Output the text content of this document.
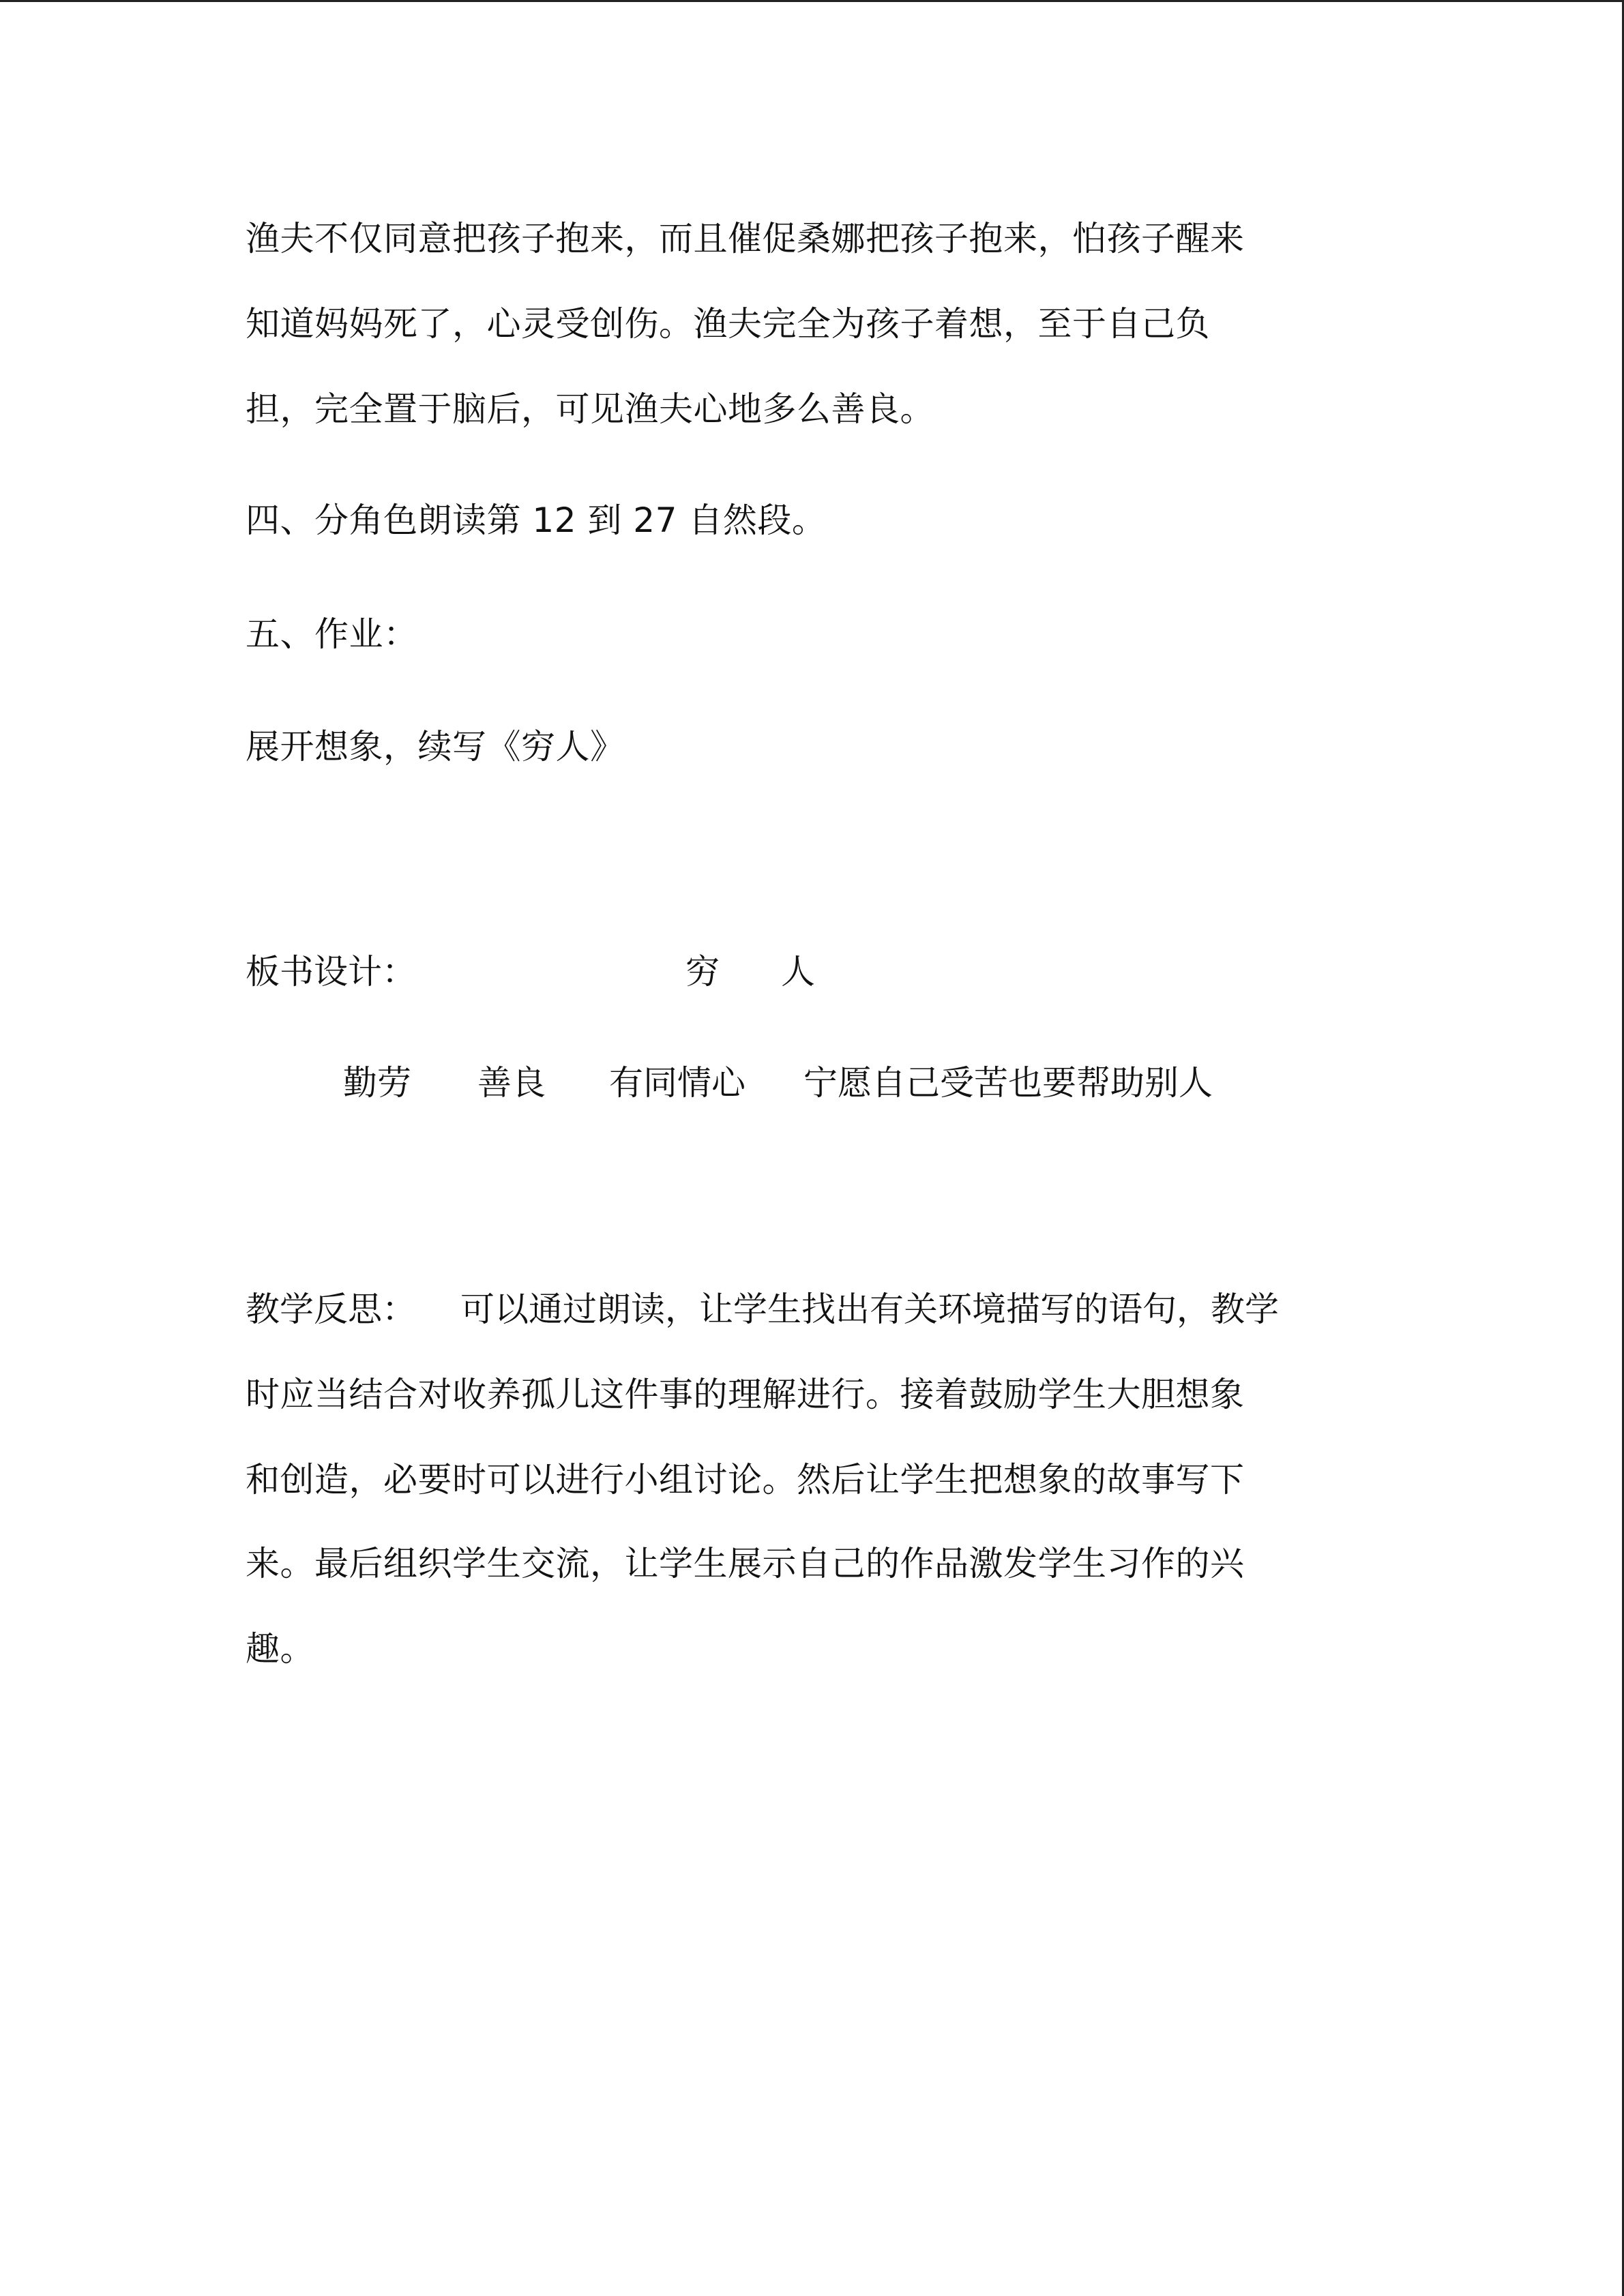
渔夫不仅同意把孩子抱来，而且催促桑娜把孩子抱来，怕孩子醒来

知道妈妈死了，心灵受创伤。渔夫完全为孩子着想，至于自己负

担，完全置于脑后，可见渔夫心地多么善良。

四、分角色朗读第 12 到 27 自然段。

五、作业：

展开想象，续写《穷人》

板书设计：	穷 人
勤劳 善良 有同情心 宁愿自己受苦也要帮助别人
教学反思： 可以通过朗读，让学生找出有关环境描写的语句，教学

时应当结合对收养孤儿这件事的理解进行。接着鼓励学生大胆想象

和创造，必要时可以进行小组讨论。然后让学生把想象的故事写下

来。最后组织学生交流，让学生展示自己的作品激发学生习作的兴

趣。
